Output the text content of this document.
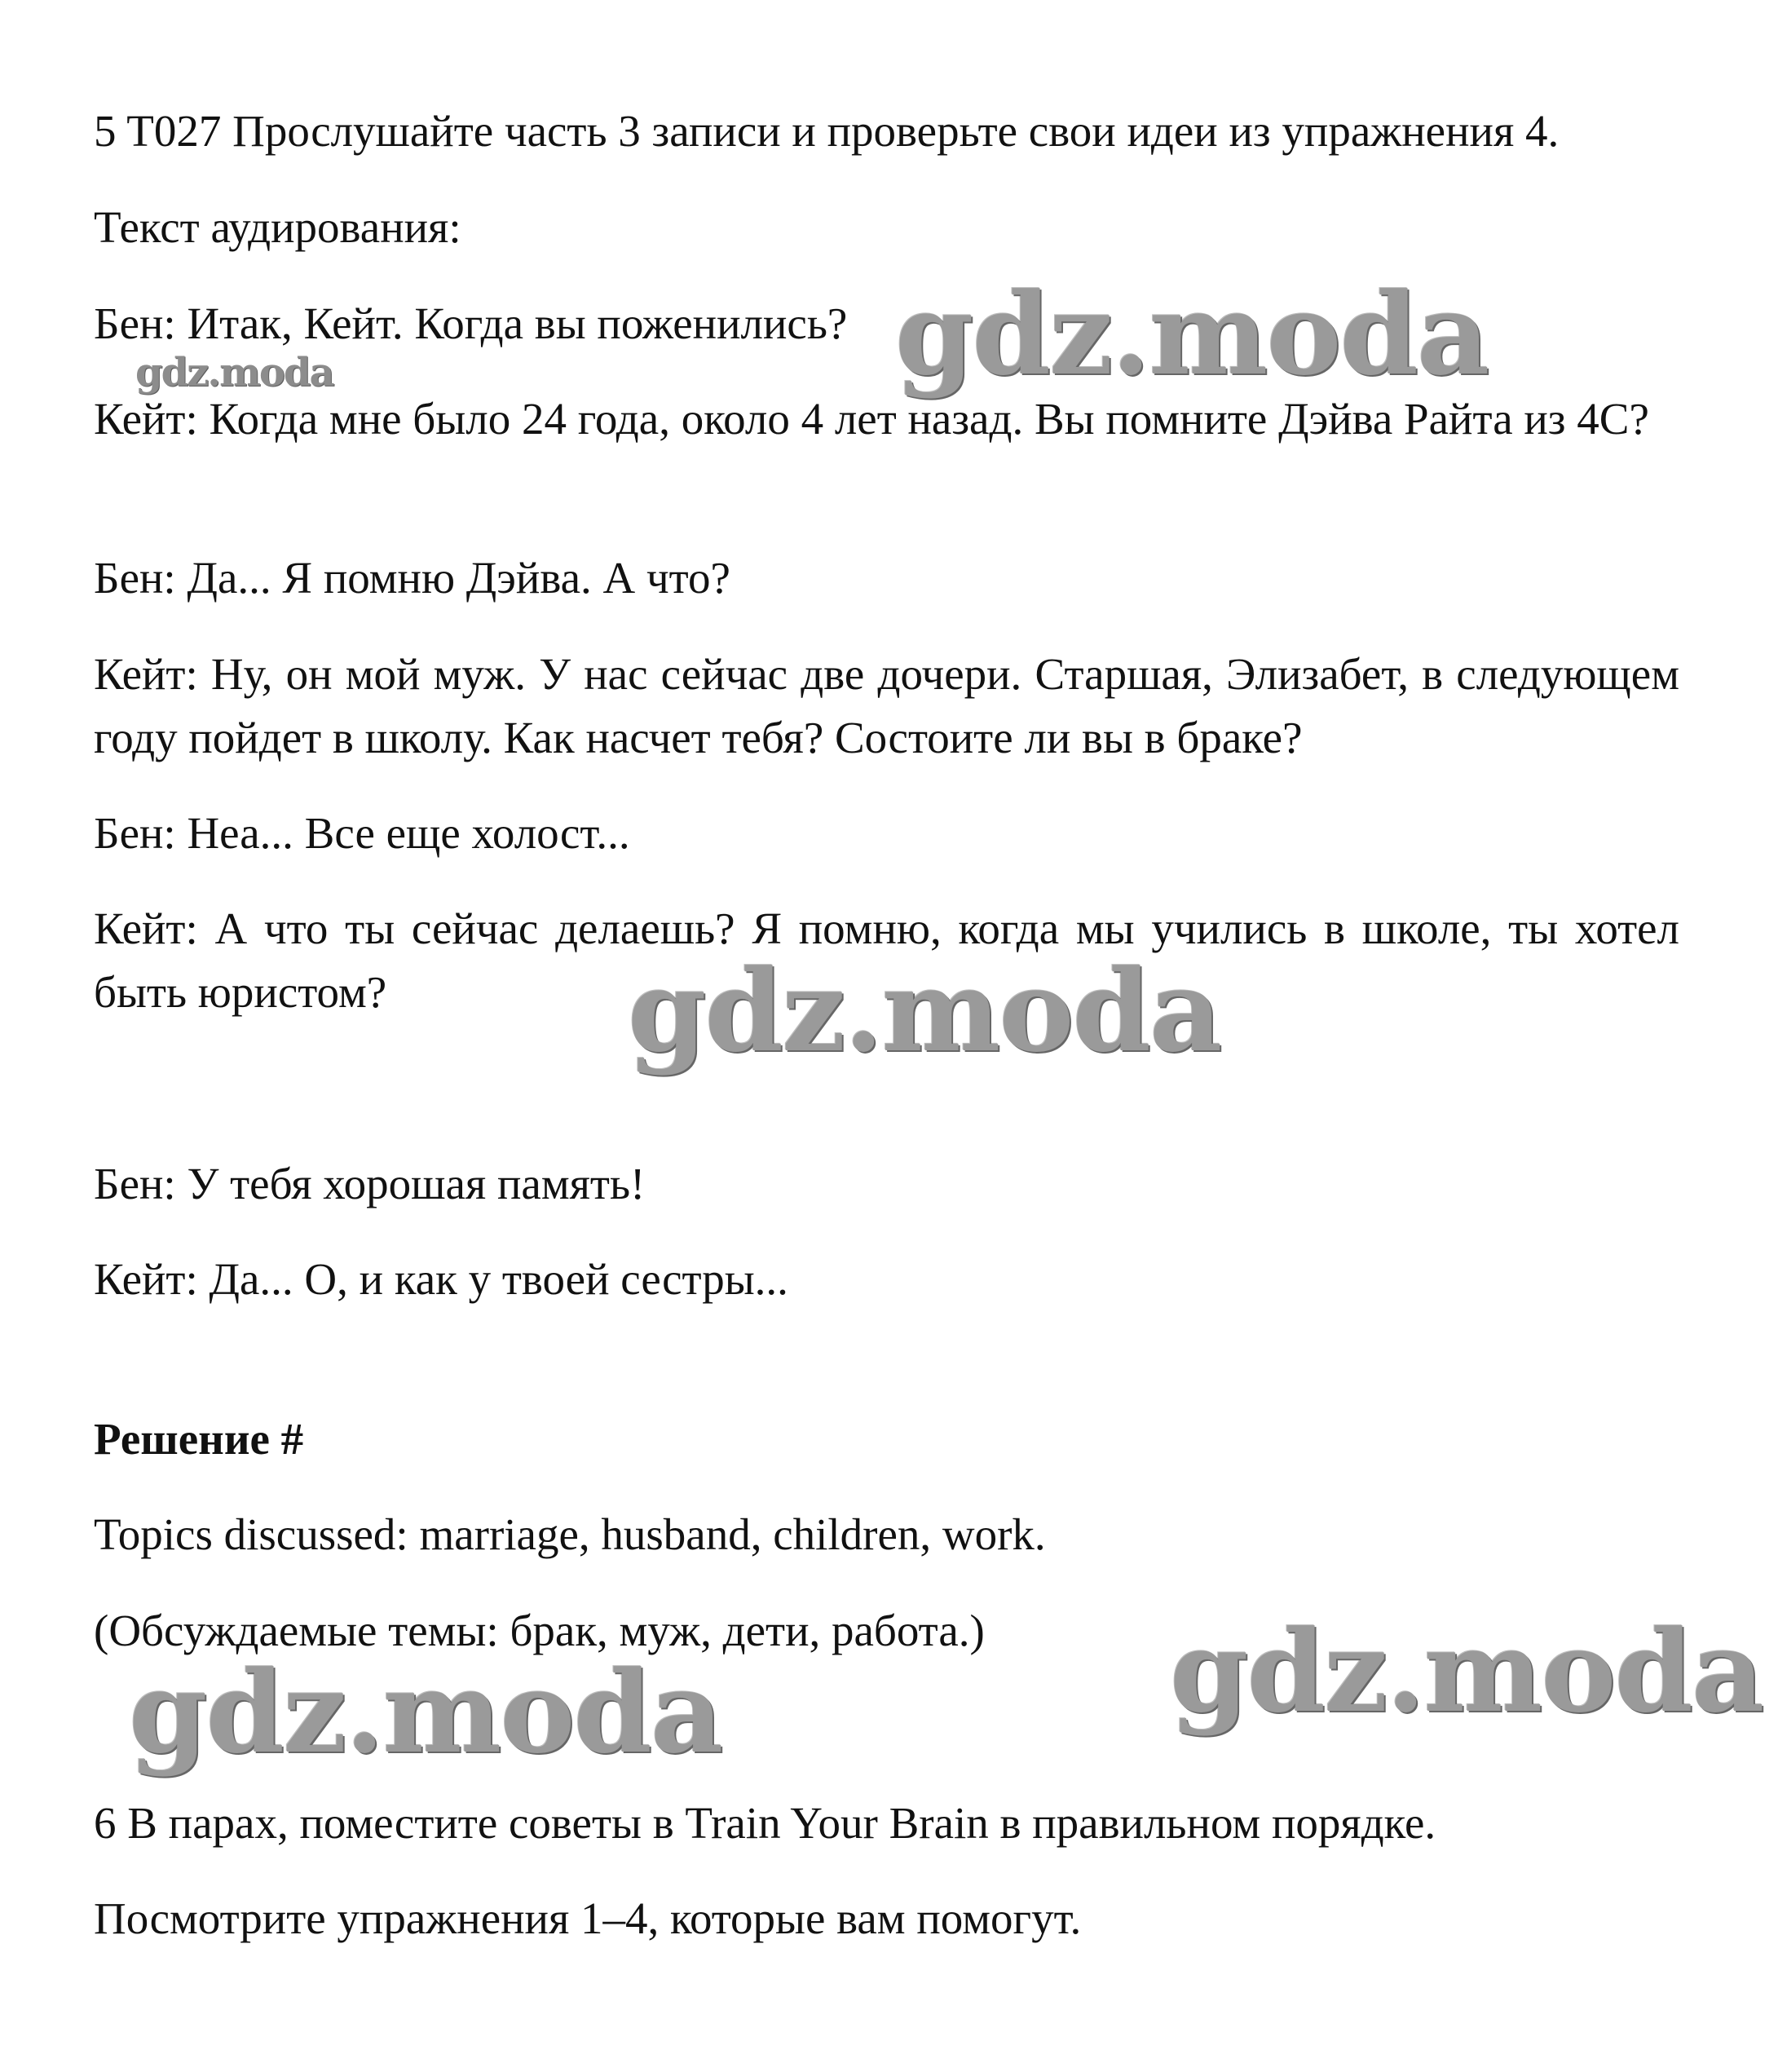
5 T027 Прослушайте часть 3 записи и проверьте свои идеи из упражнения 4.

Текст аудирования:

Бен: Итак, Кейт. Когда вы поженились?

Кейт: Когда мне было 24 года, около 4 лет назад. Вы помните Дэйва Райта из 4C?

Бен: Да... Я помню Дэйва. А что?

Кейт: Ну, он мой муж. У нас сейчас две дочери. Старшая, Элизабет, в следующем году пойдет в школу. Как насчет тебя? Состоите ли вы в браке?

Бен: Неа... Все еще холост...

Кейт: А что ты сейчас делаешь? Я помню, когда мы учились в школе, ты хотел быть юристом?

Бен: У тебя хорошая память!

Кейт: Да... О, и как у твоей сестры...

Решение #

Topics discussed: marriage, husband, children, work.

(Обсуждаемые темы: брак, муж, дети, работа.)

6 В парах, поместите советы в Train Your Brain в правильном порядке.

Посмотрите упражнения 1–4, которые вам помогут.

gdz.moda
gdz.moda
gdz.moda
gdz.moda
gdz.moda
